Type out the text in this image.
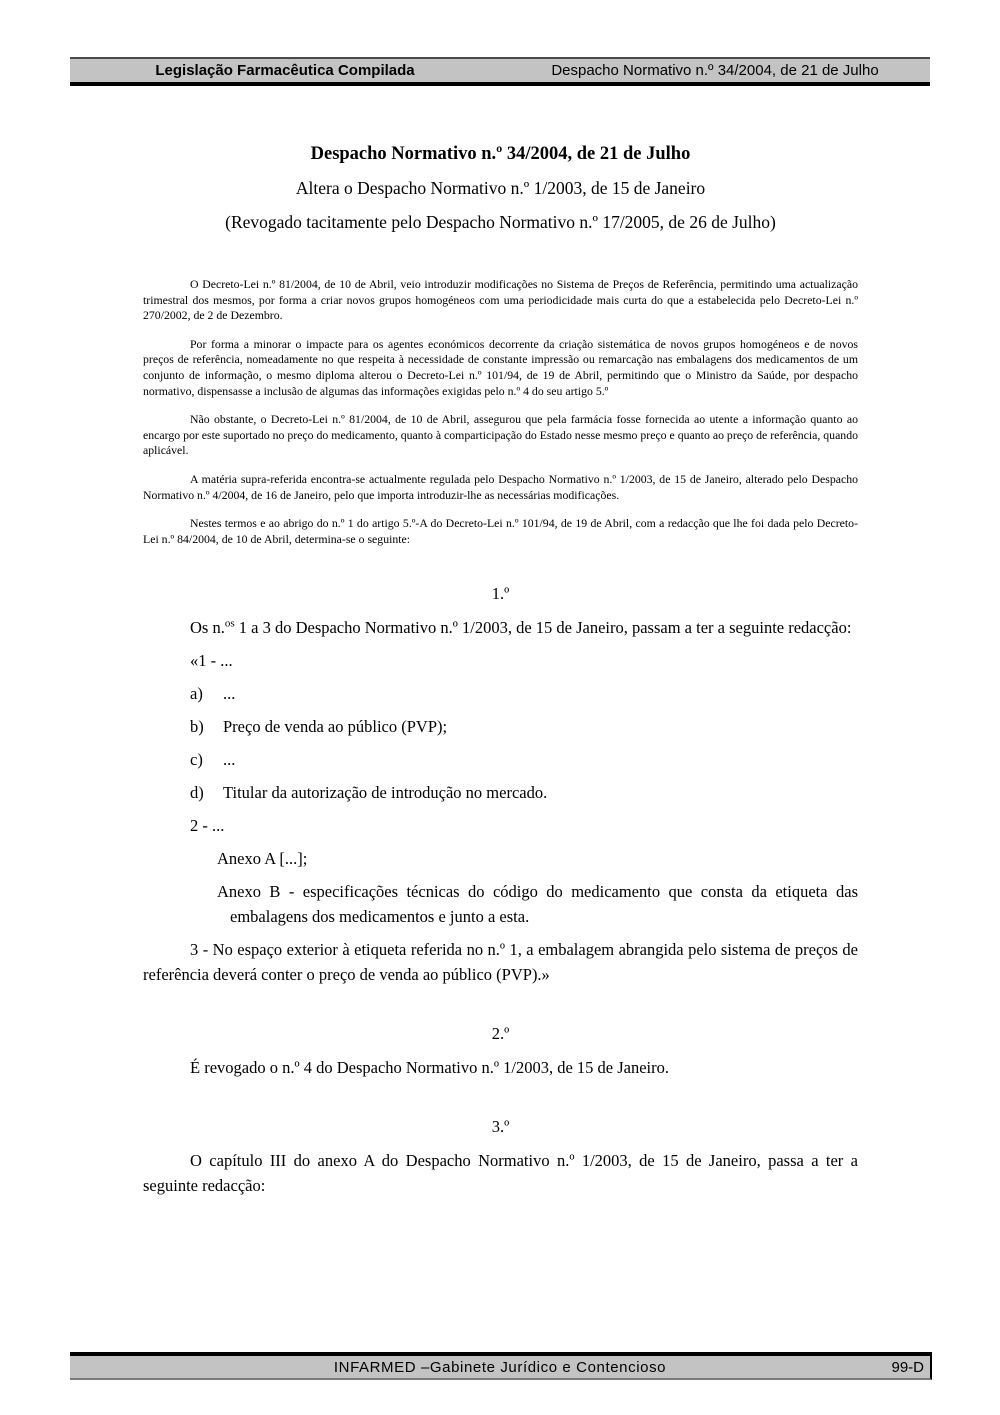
Legislação Farmacêutica Compilada	Despacho Normativo n.º 34/2004, de 21 de Julho
Despacho Normativo n.º 34/2004, de 21 de Julho
Altera o Despacho Normativo n.º 1/2003, de 15 de Janeiro
(Revogado tacitamente pelo Despacho Normativo n.º 17/2005, de 26 de Julho)

O Decreto-Lei n.º 81/2004, de 10 de Abril, veio introduzir modificações no Sistema de Preços de Referência, permitindo uma actualização trimestral dos mesmos, por forma a criar novos grupos homogéneos com uma periodicidade mais curta do que a estabelecida pelo Decreto-Lei n.º 270/2002, de 2 de Dezembro.

Por forma a minorar o impacte para os agentes económicos decorrente da criação sistemática de novos grupos homogéneos e de novos preços de referência, nomeadamente no que respeita à necessidade de constante impressão ou remarcação nas embalagens dos medicamentos de um conjunto de informação, o mesmo diploma alterou o Decreto-Lei n.º 101/94, de 19 de Abril, permitindo que o Ministro da Saúde, por despacho normativo, dispensasse a inclusão de algumas das informações exigidas pelo n.º 4 do seu artigo 5.º

Não obstante, o Decreto-Lei n.º 81/2004, de 10 de Abril, assegurou que pela farmácia fosse fornecida ao utente a informação quanto ao encargo por este suportado no preço do medicamento, quanto à comparticipação do Estado nesse mesmo preço e quanto ao preço de referência, quando aplicável.

A matéria supra-referida encontra-se actualmente regulada pelo Despacho Normativo n.º 1/2003, de 15 de Janeiro, alterado pelo Despacho Normativo n.º 4/2004, de 16 de Janeiro, pelo que importa introduzir-lhe as necessárias modificações.

Nestes termos e ao abrigo do n.º 1 do artigo 5.º-A do Decreto-Lei n.º 101/94, de 19 de Abril, com a redacção que lhe foi dada pelo Decreto-Lei n.º 84/2004, de 10 de Abril, determina-se o seguinte:

1.º

Os n.$^{os}$ 1 a 3 do Despacho Normativo n.º 1/2003, de 15 de Janeiro, passam a ter a seguinte redacção:

«1 - ...

a)	...
b)	Preço de venda ao público (PVP);
c)	...
d)	Titular da autorização de introdução no mercado.

2 - ...

Anexo A [...];

Anexo B - especificações técnicas do código do medicamento que consta da etiqueta das embalagens dos medicamentos e junto a esta.

3 - No espaço exterior à etiqueta referida no n.º 1, a embalagem abrangida pelo sistema de preços de referência deverá conter o preço de venda ao público (PVP).»

2.º

É revogado o n.º 4 do Despacho Normativo n.º 1/2003, de 15 de Janeiro.

3.º

O capítulo III do anexo A do Despacho Normativo n.º 1/2003, de 15 de Janeiro, passa a ter a seguinte redacção:

INFARMED –Gabinete Jurídico e Contencioso	99-D
